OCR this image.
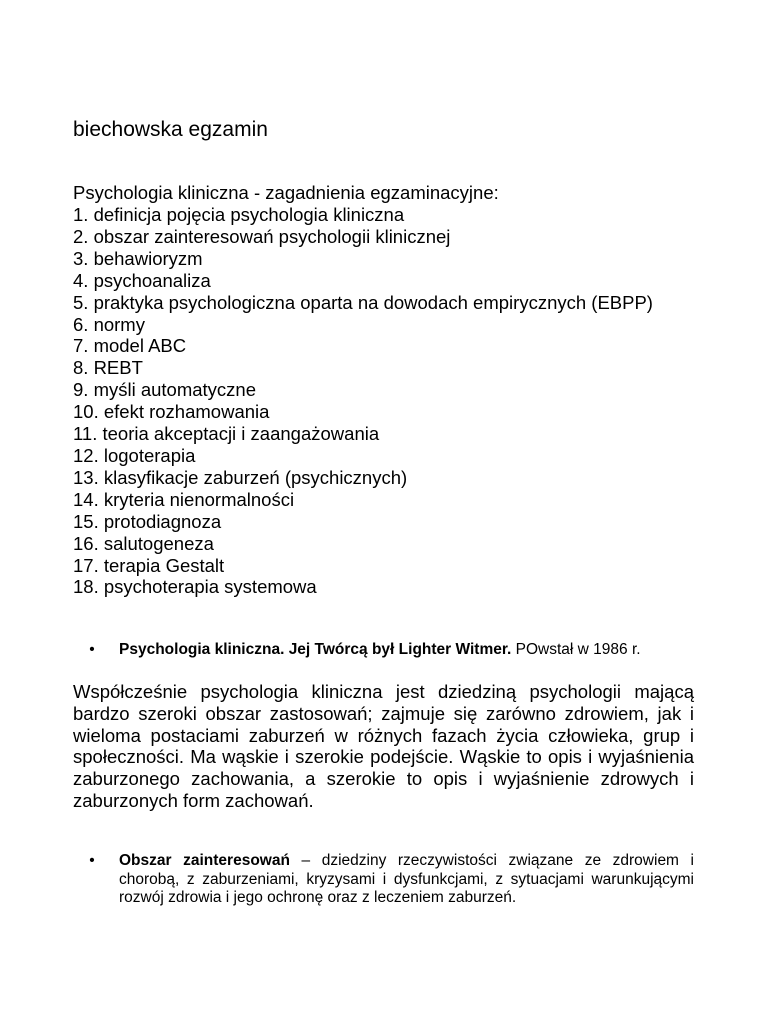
biechowska egzamin
Psychologia kliniczna - zagadnienia egzaminacyjne:
1. definicja pojęcia psychologia kliniczna
2. obszar zainteresowań psychologii klinicznej
3. behawioryzm
4. psychoanaliza
5. praktyka psychologiczna oparta na dowodach empirycznych (EBPP)
6. normy
7. model ABC
8. REBT
9. myśli automatyczne
10. efekt rozhamowania
11. teoria akceptacji i zaangażowania
12. logoterapia
13. klasyfikacje zaburzeń (psychicznych)
14. kryteria nienormalności
15. protodiagnoza
16. salutogeneza
17. terapia Gestalt
18. psychoterapia systemowa
• Psychologia kliniczna. Jej Twórcą był Lighter Witmer. POwstał w 1986 r.
Współcześnie psychologia kliniczna jest dziedziną psychologii mającą bardzo szeroki obszar zastosowań; zajmuje się zarówno zdrowiem, jak i wieloma postaciami zaburzeń w różnych fazach życia człowieka, grup i społeczności. Ma wąskie i szerokie podejście. Wąskie to opis i wyjaśnienia zaburzonego zachowania, a szerokie to opis i wyjaśnienie zdrowych i zaburzonych form zachowań.
• Obszar zainteresowań – dziedziny rzeczywistości związane ze zdrowiem i chorobą, z zaburzeniami, kryzysami i dysfunkcjami, z sytuacjami warunkującymi rozwój zdrowia i jego ochronę oraz z leczeniem zaburzeń.
